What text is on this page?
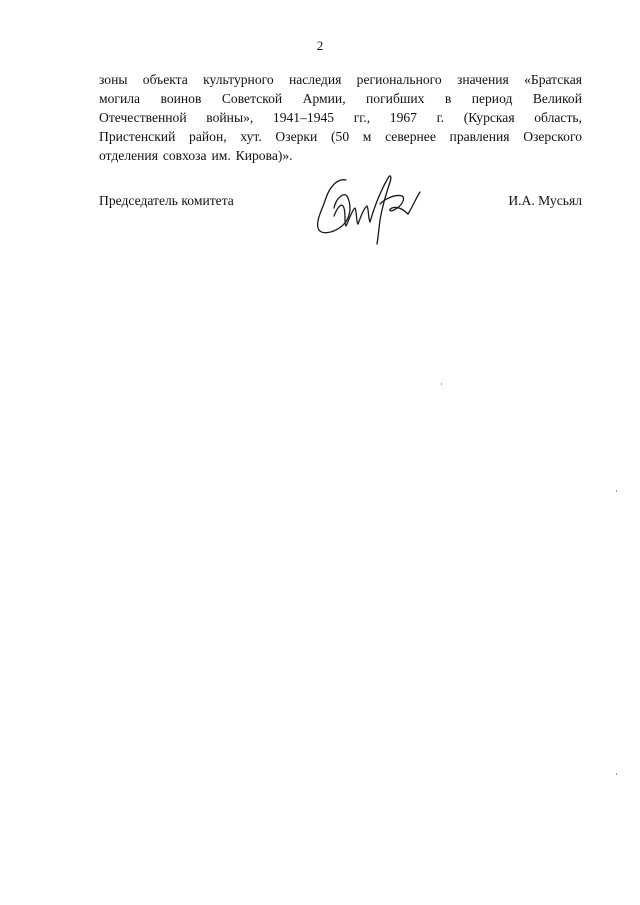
2
зоны объекта культурного наследия регионального значения «Братская
могила воинов Советской Армии, погибших в период Великой
Отечественной войны», 1941–1945 гг., 1967 г. (Курская область,
Пристенский район, хут. Озерки (50 м севернее правления Озерского
отделения совхоза им. Кирова)».
Председатель комитета	И.А. Мусьял
